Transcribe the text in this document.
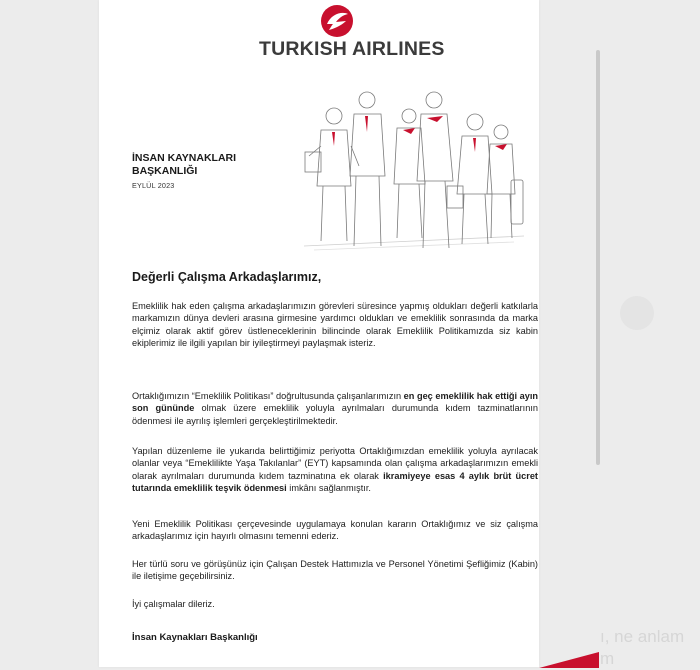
TURKISH AIRLINES
İNSAN KAYNAKLARI BAŞKANLIĞI
EYLÜL 2023
Değerli Çalışma Arkadaşlarımız,

Emeklilik hak eden çalışma arkadaşlarımızın görevleri süresince yapmış oldukları değerli katkılarla markamızın dünya devleri arasına girmesine yardımcı oldukları ve emeklilik sonrasında da marka elçimiz olarak aktif görev üstleneceklerinin bilincinde olarak Emeklilik Politikamızda siz kabin ekiplerimiz ile ilgili yapılan bir iyileştirmeyi paylaşmak isteriz.

Ortaklığımızın “Emeklilik Politikası” doğrultusunda çalışanlarımızın en geç emeklilik hak ettiği ayın son gününde olmak üzere emeklilik yoluyla ayrılmaları durumunda kıdem tazminatlarının ödenmesi ile ayrılış işlemleri gerçekleştirilmektedir.

Yapılan düzenleme ile yukarıda belirttiğimiz periyotta Ortaklığımızdan emeklilik yoluyla ayrılacak olanlar veya “Emeklilikte Yaşa Takılanlar” (EYT) kapsamında olan çalışma arkadaşlarımızın emekli olarak ayrılmaları durumunda kıdem tazminatına ek olarak ikramiyeye esas 4 aylık brüt ücret tutarında emeklilik teşvik ödenmesi imkânı sağlanmıştır.

Yeni Emeklilik Politikası çerçevesinde uygulamaya konulan kararın Ortaklığımız ve siz çalışma arkadaşlarımız için hayırlı olmasını temenni ederiz.

Her türlü soru ve görüşünüz için Çalışan Destek Hattımızla ve Personel Yönetimi Şefliğimiz (Kabin) ile iletişime geçebilirsiniz.

İyi çalışmalar dileriz.

İnsan Kaynakları Başkanlığı	ı, ne anlam
m
